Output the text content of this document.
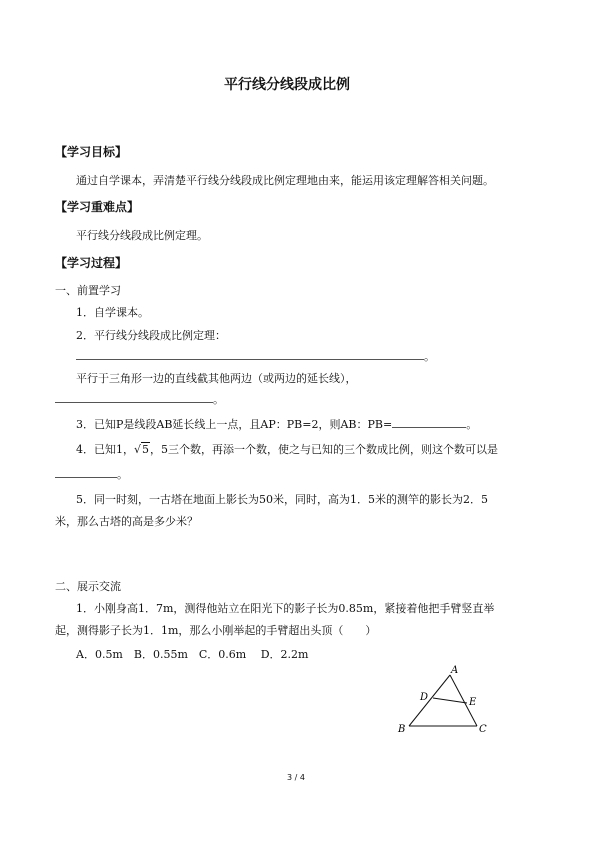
平行线分线段成比例
【学习目标】
通过自学课本，弄清楚平行线分线段成比例定理地由来，能运用该定理解答相关问题。
【学习重难点】
平行线分线段成比例定理。
【学习过程】
一、前置学习
1．自学课本。
2．平行线分线段成比例定理：
。
平行于三角形一边的直线截其他两边（或两边的延长线），
。
3．已知P是线段AB延长线上一点，且AP：PB=2，则AB：PB=	。
4．已知1，√5，5三个数，再添一个数，使之与已知的三个数成比例，则这个数可以是
。
5．同一时刻，一古塔在地面上影长为50米，同时，高为1．5米的测竿的影长为2．5
米，那么古塔的高是多少米？
二、展示交流
1．小刚身高1．7m，测得他站立在阳光下的影子长为0.85m，紧接着他把手臂竖直举
起，测得影子长为1．1m，那么小刚举起的手臂超出头顶（　　）
A．0.5m　B．0.55m　C．0.6m　 D．2.2m
A
B	C
D	E
3 / 4
